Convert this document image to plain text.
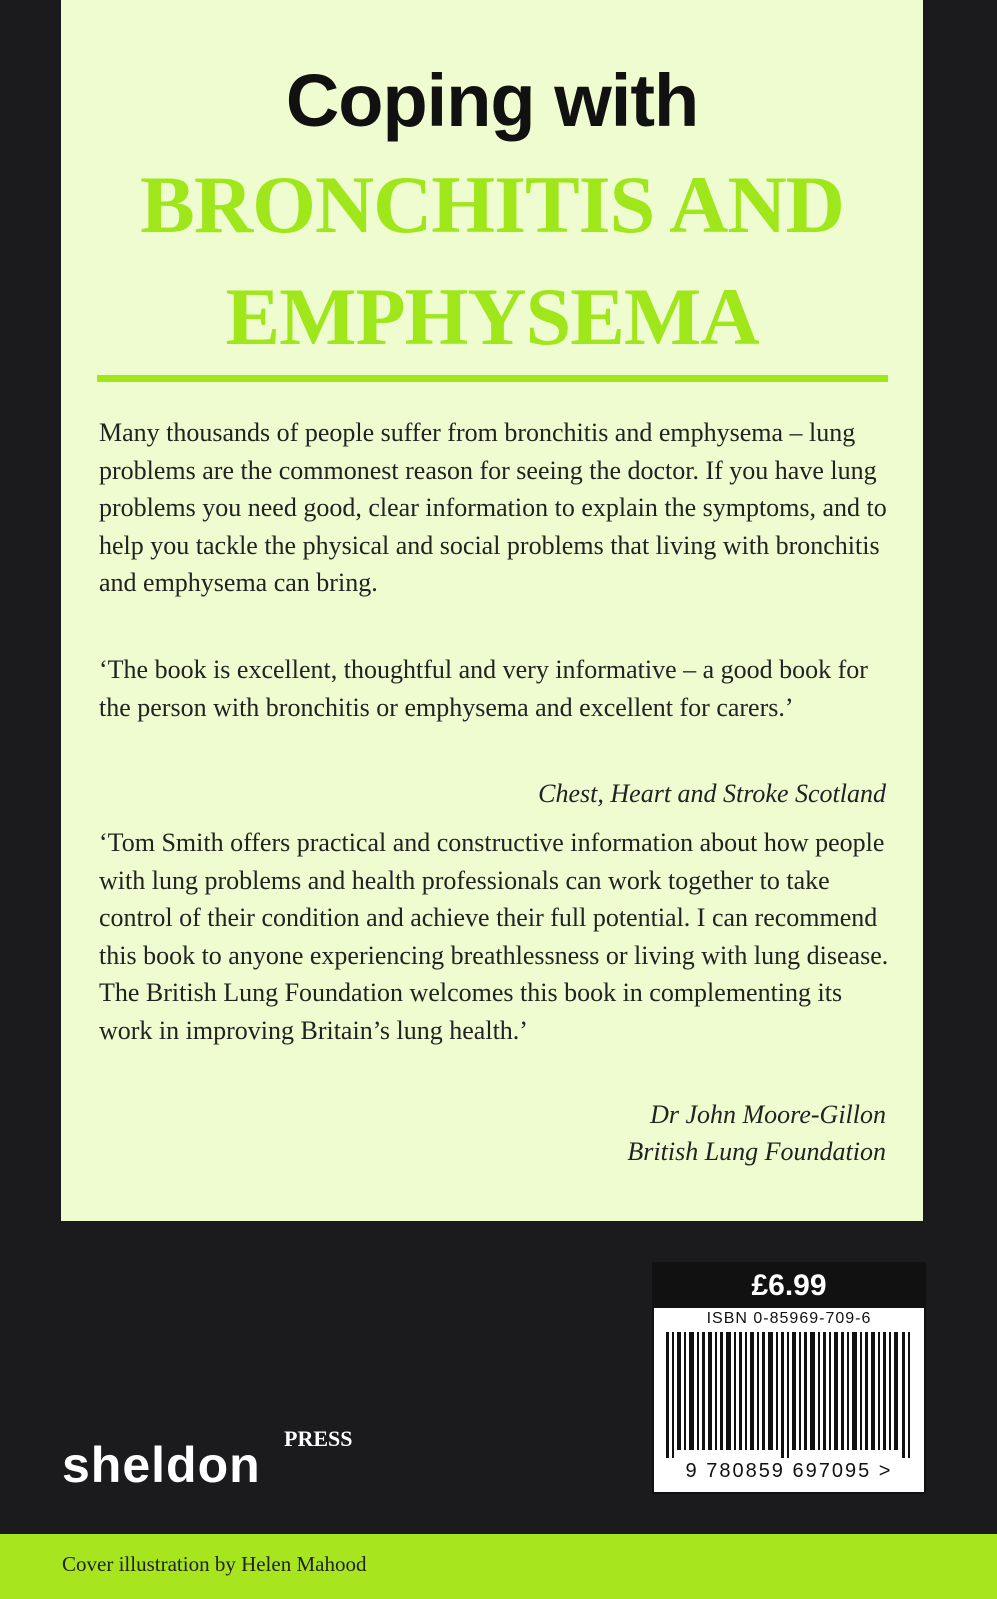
Coping with
BRONCHITIS AND
EMPHYSEMA

Many thousands of people suffer from bronchitis and emphysema – lung problems are the commonest reason for seeing the doctor. If you have lung problems you need good, clear information to explain the symptoms, and to help you tackle the physical and social problems that living with bronchitis and emphysema can bring.

‘The book is excellent, thoughtful and very informative – a good book for the person with bronchitis or emphysema and excellent for carers.’

Chest, Heart and Stroke Scotland

‘Tom Smith offers practical and constructive information about how people with lung problems and health professionals can work together to take control of their condition and achieve their full potential. I can recommend this book to anyone experiencing breathlessness or living with lung disease. The British Lung Foundation welcomes this book in complementing its work in improving Britain’s lung health.’

Dr John Moore-Gillon
British Lung Foundation
£6.99
ISBN 0-85969-709-6
9 780859 697095 >
PRESS
sheldon
Cover illustration by Helen Mahood
